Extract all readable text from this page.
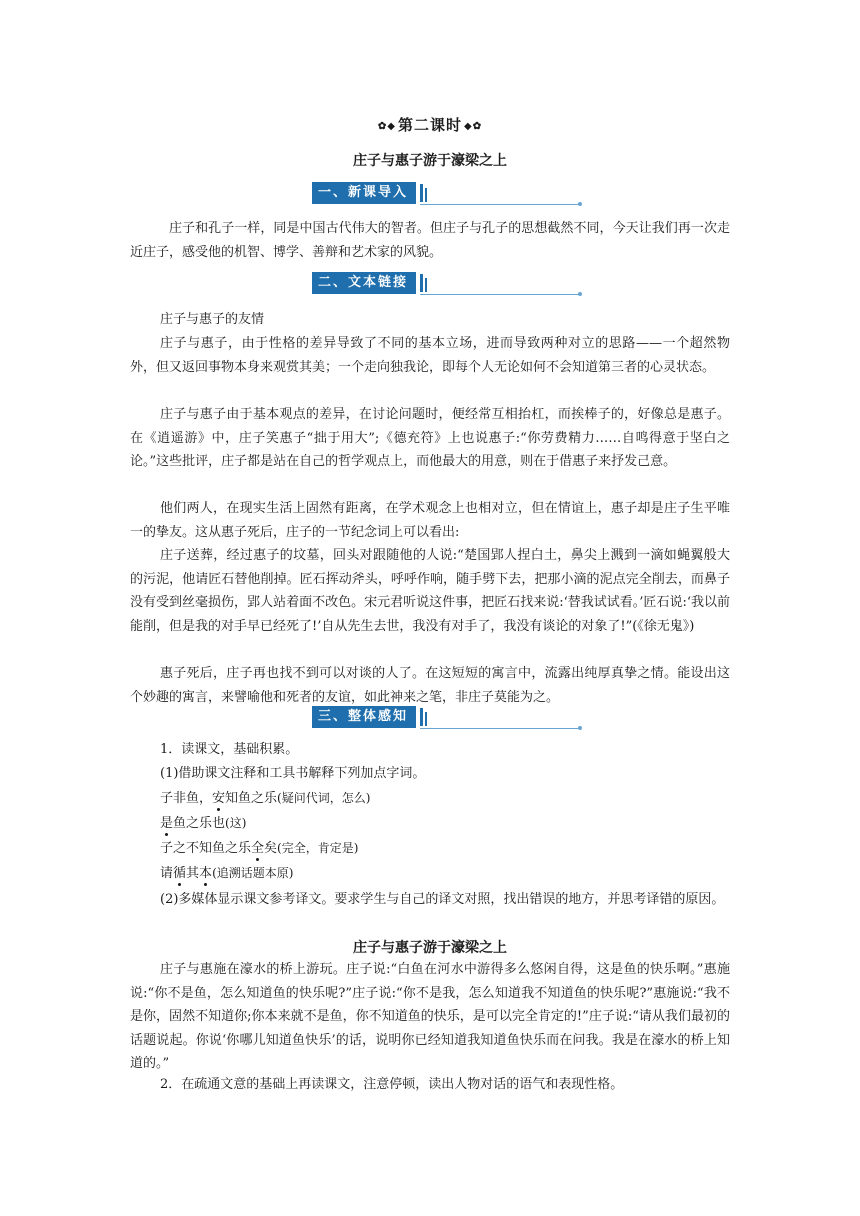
✿◆ 第二课时 ◆✿
庄子与惠子游于濠梁之上
一、新课导入
庄子和孔子一样，同是中国古代伟大的智者。但庄子与孔子的思想截然不同，今天让我们再一次走近庄子，感受他的机智、博学、善辩和艺术家的风貌。
二、文本链接
庄子与惠子的友情
庄子与惠子，由于性格的差异导致了不同的基本立场，进而导致两种对立的思路——一个超然物外，但又返回事物本身来观赏其美；一个走向独我论，即每个人无论如何不会知道第三者的心灵状态。
庄子与惠子由于基本观点的差异，在讨论问题时，便经常互相抬杠，而挨棒子的，好像总是惠子。在《逍遥游》中，庄子笑惠子“拙于用大”;《德充符》上也说惠子:“你劳费精力……自鸣得意于坚白之论。”这些批评，庄子都是站在自己的哲学观点上，而他最大的用意，则在于借惠子来抒发己意。
他们两人，在现实生活上固然有距离，在学术观念上也相对立，但在情谊上，惠子却是庄子生平唯一的挚友。这从惠子死后，庄子的一节纪念词上可以看出:
庄子送葬，经过惠子的坟墓，回头对跟随他的人说:“楚国郢人捏白土，鼻尖上溅到一滴如蝇翼般大的污泥，他请匠石替他削掉。匠石挥动斧头，呼呼作响，随手劈下去，把那小滴的泥点完全削去，而鼻子没有受到丝毫损伤，郢人站着面不改色。宋元君听说这件事，把匠石找来说:‘替我试试看。’匠石说:‘我以前能削，但是我的对手早已经死了!’自从先生去世，我没有对手了，我没有谈论的对象了!”(《徐无鬼》)
惠子死后，庄子再也找不到可以对谈的人了。在这短短的寓言中，流露出纯厚真挚之情。能设出这个妙趣的寓言，来譬喻他和死者的友谊，如此神来之笔，非庄子莫能为之。
三、整体感知
1．读课文，基础积累。
(1)借助课文注释和工具书解释下列加点字词。
子非鱼，安知鱼之乐(疑问代词，怎么)
是鱼之乐也(这)
子之不知鱼之乐全矣(完全，肯定是)
请循其本(追溯话题本原)
(2)多媒体显示课文参考译文。要求学生与自己的译文对照，找出错误的地方，并思考译错的原因。
庄子与惠子游于濠梁之上
庄子与惠施在濠水的桥上游玩。庄子说:“白鱼在河水中游得多么悠闲自得，这是鱼的快乐啊。”惠施说:“你不是鱼，怎么知道鱼的快乐呢?”庄子说:“你不是我，怎么知道我不知道鱼的快乐呢?”惠施说:“我不是你，固然不知道你;你本来就不是鱼，你不知道鱼的快乐，是可以完全肯定的!”庄子说:“请从我们最初的话题说起。你说‘你哪儿知道鱼快乐’的话，说明你已经知道我知道鱼快乐而在问我。我是在濠水的桥上知道的。”
2．在疏通文意的基础上再读课文，注意停顿，读出人物对话的语气和表现性格。
